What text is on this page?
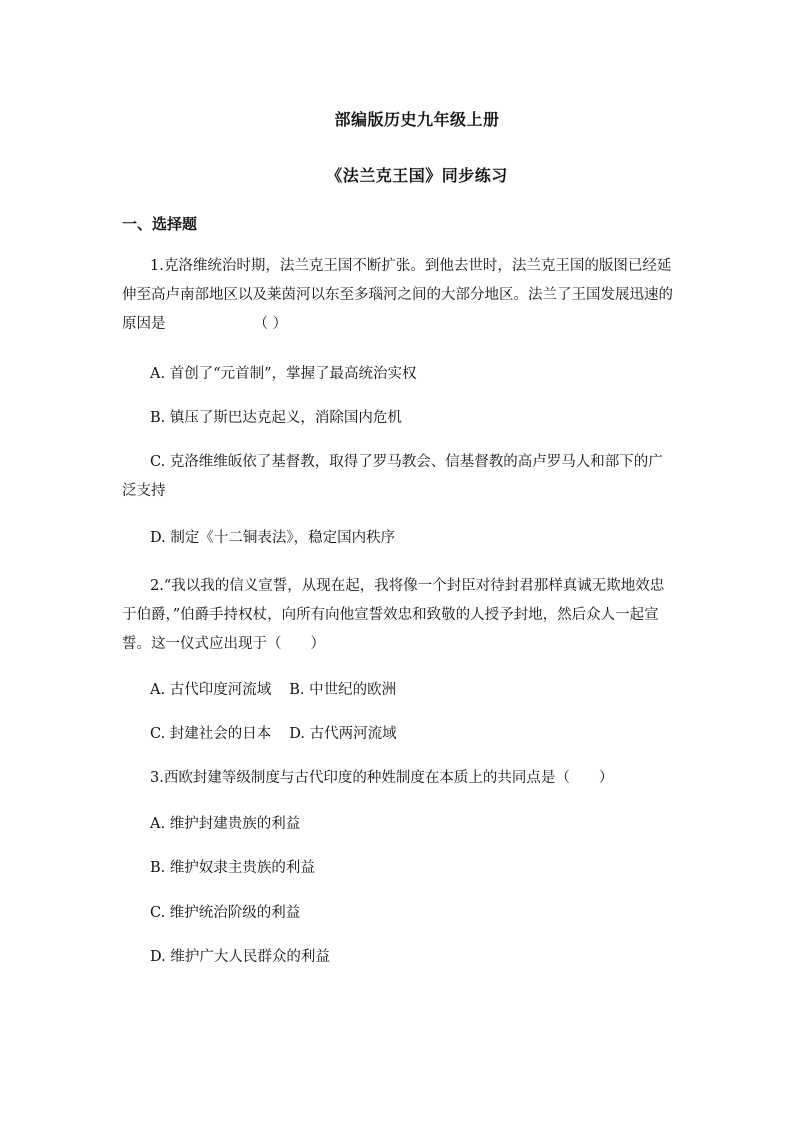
部编版历史九年级上册
《法兰克王国》同步练习
一、选择题

1.克洛维统治时期，法兰克王国不断扩张。到他去世时，法兰克王国的版图已经延伸至高卢南部地区以及莱茵河以东至多瑙河之间的大部分地区。法兰了王国发展迅速的原因是	（ ）

A. 首创了“元首制”，掌握了最高统治实权
B. 镇压了斯巴达克起义，消除国内危机

C. 克洛维维皈依了基督教，取得了罗马教会、信基督教的高卢罗马人和部下的广泛支持

D. 制定《十二铜表法》，稳定国内秩序

2.“我以我的信义宣誓，从现在起，我将像一个封臣对待封君那样真诚无欺地效忠于伯爵，”伯爵手持权杖，向所有向他宣誓效忠和致敬的人授予封地，然后众人一起宣誓。这一仪式应出现于（　　）

A. 古代印度河流域 B. 中世纪的欧洲
C. 封建社会的日本 D. 古代两河流域

3.西欧封建等级制度与古代印度的种姓制度在本质上的共同点是（　　）

A. 维护封建贵族的利益
B. 维护奴隶主贵族的利益
C. 维护统治阶级的利益
D. 维护广大人民群众的利益
